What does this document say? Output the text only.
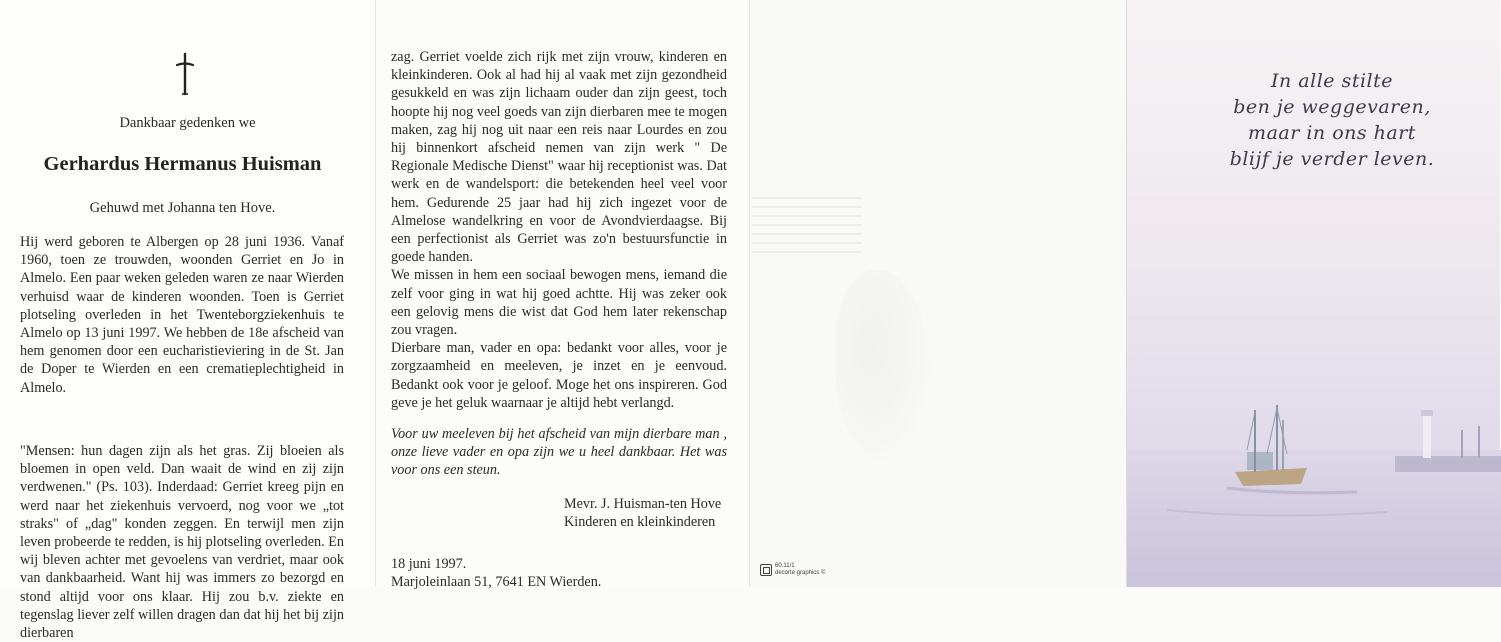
Dankbaar gedenken we
Gerhardus Hermanus Huisman
Gehuwd met Johanna ten Hove.

Hij werd geboren te Albergen op 28 juni 1936. Vanaf 1960, toen ze trouwden, woonden Gerriet en Jo in Almelo. Een paar weken geleden waren ze naar Wierden verhuisd waar de kinderen woonden. Toen is Gerriet plotseling overleden in het Twenteborgziekenhuis te Almelo op 13 juni 1997. We hebben de 18e afscheid van hem genomen door een eucharistieviering in de St. Jan de Doper te Wierden en een crematieplechtigheid in Almelo.

"Mensen: hun dagen zijn als het gras. Zij bloeien als bloemen in open veld. Dan waait de wind en zij zijn verdwenen." (Ps. 103). Inderdaad: Gerriet kreeg pijn en werd naar het ziekenhuis vervoerd, nog voor we „tot straks" of „dag" konden zeggen. En terwijl men zijn leven probeerde te redden, is hij plotseling overleden. En wij bleven achter met gevoelens van verdriet, maar ook van dankbaarheid. Want hij was immers zo bezorgd en stond altijd voor ons klaar. Hij zou b.v. ziekte en tegenslag liever zelf willen dragen dan dat hij het bij zijn dierbaren

zag. Gerriet voelde zich rijk met zijn vrouw, kinderen en kleinkinderen. Ook al had hij al vaak met zijn gezondheid gesukkeld en was zijn lichaam ouder dan zijn geest, toch hoopte hij nog veel goeds van zijn dierbaren mee te mogen maken, zag hij nog uit naar een reis naar Lourdes en zou hij binnenkort afscheid nemen van zijn werk " De Regionale Medische Dienst" waar hij receptionist was. Dat werk en de wandelsport: die betekenden heel veel voor hem. Gedurende 25 jaar had hij zich ingezet voor de Almelose wandelkring en voor de Avondvierdaagse. Bij een perfectionist als Gerriet was zo'n bestuursfunctie in goede handen.
We missen in hem een sociaal bewogen mens, iemand die zelf voor ging in wat hij goed achtte. Hij was zeker ook een gelovig mens die wist dat God hem later rekenschap zou vragen.
Dierbare man, vader en opa: bedankt voor alles, voor je zorgzaamheid en meeleven, je inzet en je eenvoud. Bedankt ook voor je geloof. Moge het ons inspireren. God geve je het geluk waarnaar je altijd hebt verlangd.

Voor uw meeleven bij het afscheid van mijn dierbare man , onze lieve vader en opa zijn we u heel dankbaar. Het was voor ons een steun.

Mevr. J. Huisman-ten Hove
Kinderen en kleinkinderen
18 juni 1997.
Marjoleinlaan 51, 7641 EN Wierden.
60.11/1
decorte graphics ©
In alle stilte
ben je weggevaren,
maar in ons hart
blijf je verder leven.
